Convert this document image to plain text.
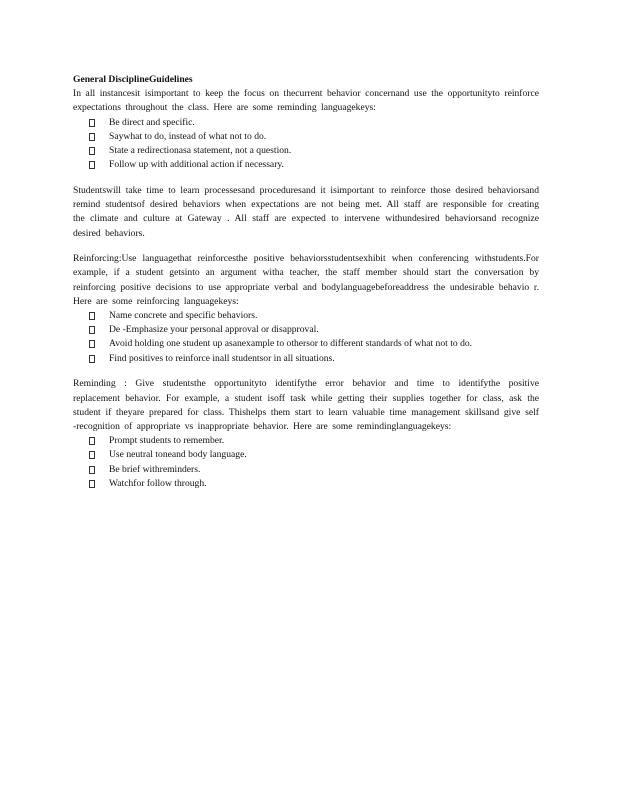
General DisciplineGuidelines

In all instancesit isimportant to keep the focus on thecurrent behavior concernand use the opportunityto reinforce expectations throughout the class. Here are some reminding languagekeys:

Be direct and specific.
Saywhat to do, instead of what not to do.
State a redirectionasa statement, not a question.
Follow up with additional action if necessary.

Studentswill take time to learn processesand proceduresand it isimportant to reinforce those desired behaviorsand remind studentsof desired behaviors when expectations are not being met. All staff are responsible for creating the climate and culture at Gateway . All staff are expected to intervene withundesired behaviorsand recognize desired behaviors.

Reinforcing:Use languagethat reinforcesthe positive behaviorsstudentsexhibit when conferencing withstudents.For example, if a student getsinto an argument witha teacher, the staff member should start the conversation by reinforcing positive decisions to use appropriate verbal and bodylanguagebeforeaddress the undesirable behavio r. Here are some reinforcing languagekeys:

Name concrete and specific behaviors.
De -Emphasize your personal approval or disapproval.
Avoid holding one student up asanexample to othersor to different standards of what not to do.
Find positives to reinforce inall studentsor in all situations.

Reminding : Give studentsthe opportunityto identifythe error behavior and time to identifythe positive replacement behavior. For example, a student isoff task while getting their supplies together for class, ask the student if theyare prepared for class. Thishelps them start to learn valuable time management skillsand give self -recognition of appropriate vs inappropriate behavior. Here are some remindinglanguagekeys:

Prompt students to remember.
Use neutral toneand body language.
Be brief withreminders.
Watchfor follow through.
